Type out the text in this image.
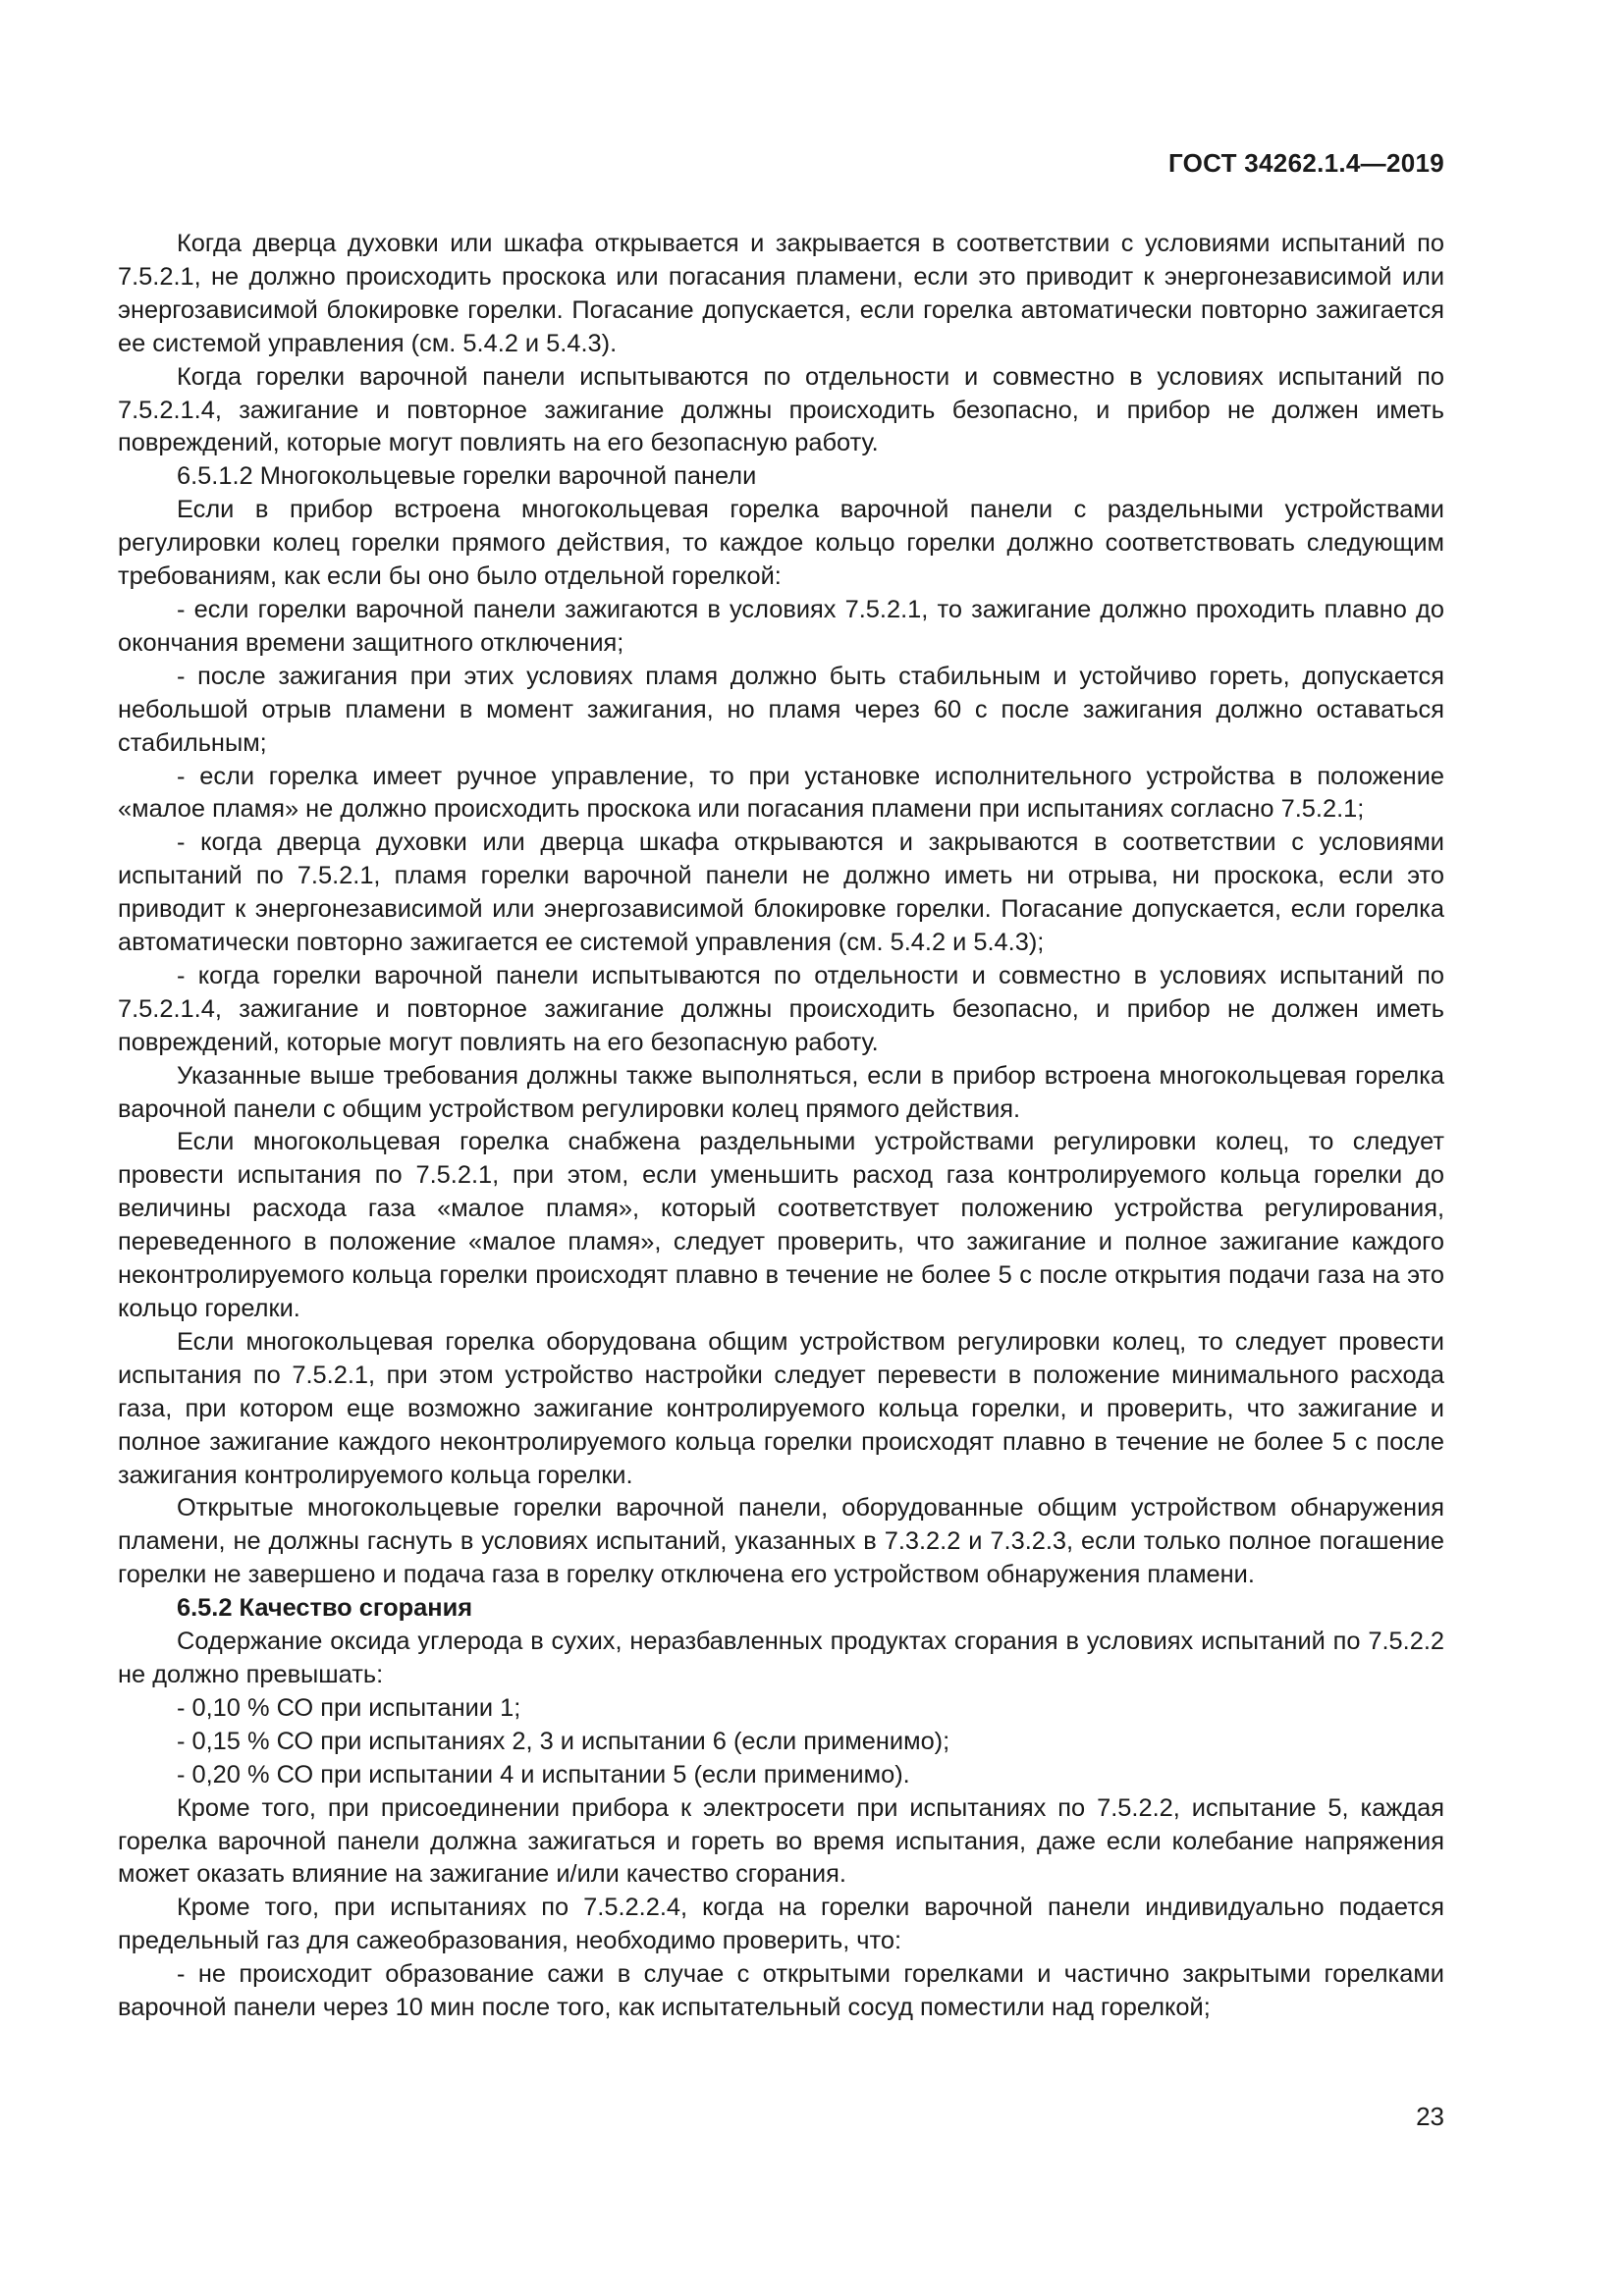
ГОСТ 34262.1.4—2019

Когда дверца духовки или шкафа открывается и закрывается в соответствии с условиями испытаний по 7.5.2.1, не должно происходить проскока или погасания пламени, если это приводит к энергонезависимой или энергозависимой блокировке горелки. Погасание допускается, если горелка автоматически повторно зажигается ее системой управления (см. 5.4.2 и 5.4.3).

Когда горелки варочной панели испытываются по отдельности и совместно в условиях испытаний по 7.5.2.1.4, зажигание и повторное зажигание должны происходить безопасно, и прибор не должен иметь повреждений, которые могут повлиять на его безопасную работу.

6.5.1.2 Многокольцевые горелки варочной панели

Если в прибор встроена многокольцевая горелка варочной панели с раздельными устройствами регулировки колец горелки прямого действия, то каждое кольцо горелки должно соответствовать следующим требованиям, как если бы оно было отдельной горелкой:

- если горелки варочной панели зажигаются в условиях 7.5.2.1, то зажигание должно проходить плавно до окончания времени защитного отключения;

- после зажигания при этих условиях пламя должно быть стабильным и устойчиво гореть, допускается небольшой отрыв пламени в момент зажигания, но пламя через 60 с после зажигания должно оставаться стабильным;

- если горелка имеет ручное управление, то при установке исполнительного устройства в положение «малое пламя» не должно происходить проскока или погасания пламени при испытаниях согласно 7.5.2.1;

- когда дверца духовки или дверца шкафа открываются и закрываются в соответствии с условиями испытаний по 7.5.2.1, пламя горелки варочной панели не должно иметь ни отрыва, ни проскока, если это приводит к энергонезависимой или энергозависимой блокировке горелки. Погасание допускается, если горелка автоматически повторно зажигается ее системой управления (см. 5.4.2 и 5.4.3);

- когда горелки варочной панели испытываются по отдельности и совместно в условиях испытаний по 7.5.2.1.4, зажигание и повторное зажигание должны происходить безопасно, и прибор не должен иметь повреждений, которые могут повлиять на его безопасную работу.

Указанные выше требования должны также выполняться, если в прибор встроена многокольцевая горелка варочной панели с общим устройством регулировки колец прямого действия.

Если многокольцевая горелка снабжена раздельными устройствами регулировки колец, то следует провести испытания по 7.5.2.1, при этом, если уменьшить расход газа контролируемого кольца горелки до величины расхода газа «малое пламя», который соответствует положению устройства регулирования, переведенного в положение «малое пламя», следует проверить, что зажигание и полное зажигание каждого неконтролируемого кольца горелки происходят плавно в течение не более 5 с после открытия подачи газа на это кольцо горелки.

Если многокольцевая горелка оборудована общим устройством регулировки колец, то следует провести испытания по 7.5.2.1, при этом устройство настройки следует перевести в положение минимального расхода газа, при котором еще возможно зажигание контролируемого кольца горелки, и проверить, что зажигание и полное зажигание каждого неконтролируемого кольца горелки происходят плавно в течение не более 5 с после зажигания контролируемого кольца горелки.

Открытые многокольцевые горелки варочной панели, оборудованные общим устройством обнаружения пламени, не должны гаснуть в условиях испытаний, указанных в 7.3.2.2 и 7.3.2.3, если только полное погашение горелки не завершено и подача газа в горелку отключена его устройством обнаружения пламени.

6.5.2 Качество сгорания

Содержание оксида углерода в сухих, неразбавленных продуктах сгорания в условиях испытаний по 7.5.2.2 не должно превышать:

- 0,10 % СО при испытании 1;

- 0,15 % СО при испытаниях 2, 3 и испытании 6 (если применимо);

- 0,20 % СО при испытании 4 и испытании 5 (если применимо).

Кроме того, при присоединении прибора к электросети при испытаниях по 7.5.2.2, испытание 5, каждая горелка варочной панели должна зажигаться и гореть во время испытания, даже если колебание напряжения может оказать влияние на зажигание и/или качество сгорания.

Кроме того, при испытаниях по 7.5.2.2.4, когда на горелки варочной панели индивидуально подается предельный газ для сажеобразования, необходимо проверить, что:

- не происходит образование сажи в случае с открытыми горелками и частично закрытыми горелками варочной панели через 10 мин после того, как испытательный сосуд поместили над горелкой;

23
